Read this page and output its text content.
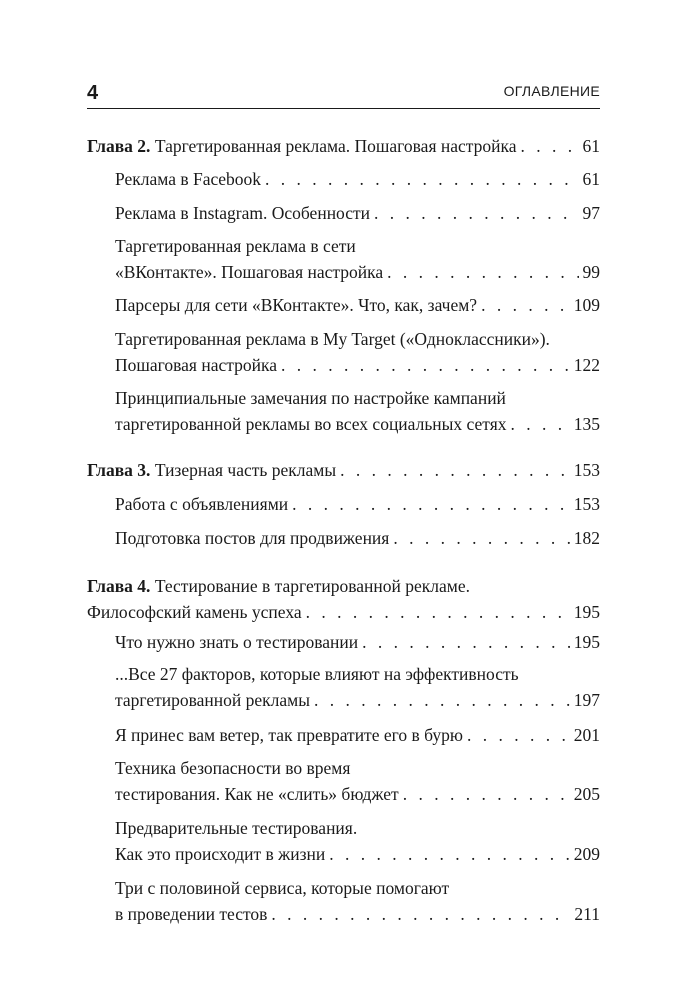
4	ОГЛАВЛЕНИЕ
Глава 2. Таргетированная реклама. Пошаговая настройка . . .	61
Реклама в Facebook . . .	61
Реклама в Instagram. Особенности . . .	97
Таргетированная реклама в сети
«ВКонтакте». Пошаговая настройка . . .	99
Парсеры для сети «ВКонтакте». Что, как, зачем? . . .	109
Таргетированная реклама в My Target («Одноклассники»).
Пошаговая настройка . . .	122
Принципиальные замечания по настройке кампаний
таргетированной рекламы во всех социальных сетях . . .	135
Глава 3. Тизерная часть рекламы . . .	153
Работа с объявлениями . . .	153
Подготовка постов для продвижения . . .	182
Глава 4. Тестирование в таргетированной рекламе.
Философский камень успеха . . .	195
Что нужно знать о тестировании . . .	195
...Все 27 факторов, которые влияют на эффективность
таргетированной рекламы . . .	197
Я принес вам ветер, так превратите его в бурю . . .	201
Техника безопасности во время
тестирования. Как не «слить» бюджет . . .	205
Предварительные тестирования.
Как это происходит в жизни . . .	209
Три с половиной сервиса, которые помогают
в проведении тестов . . .	211
